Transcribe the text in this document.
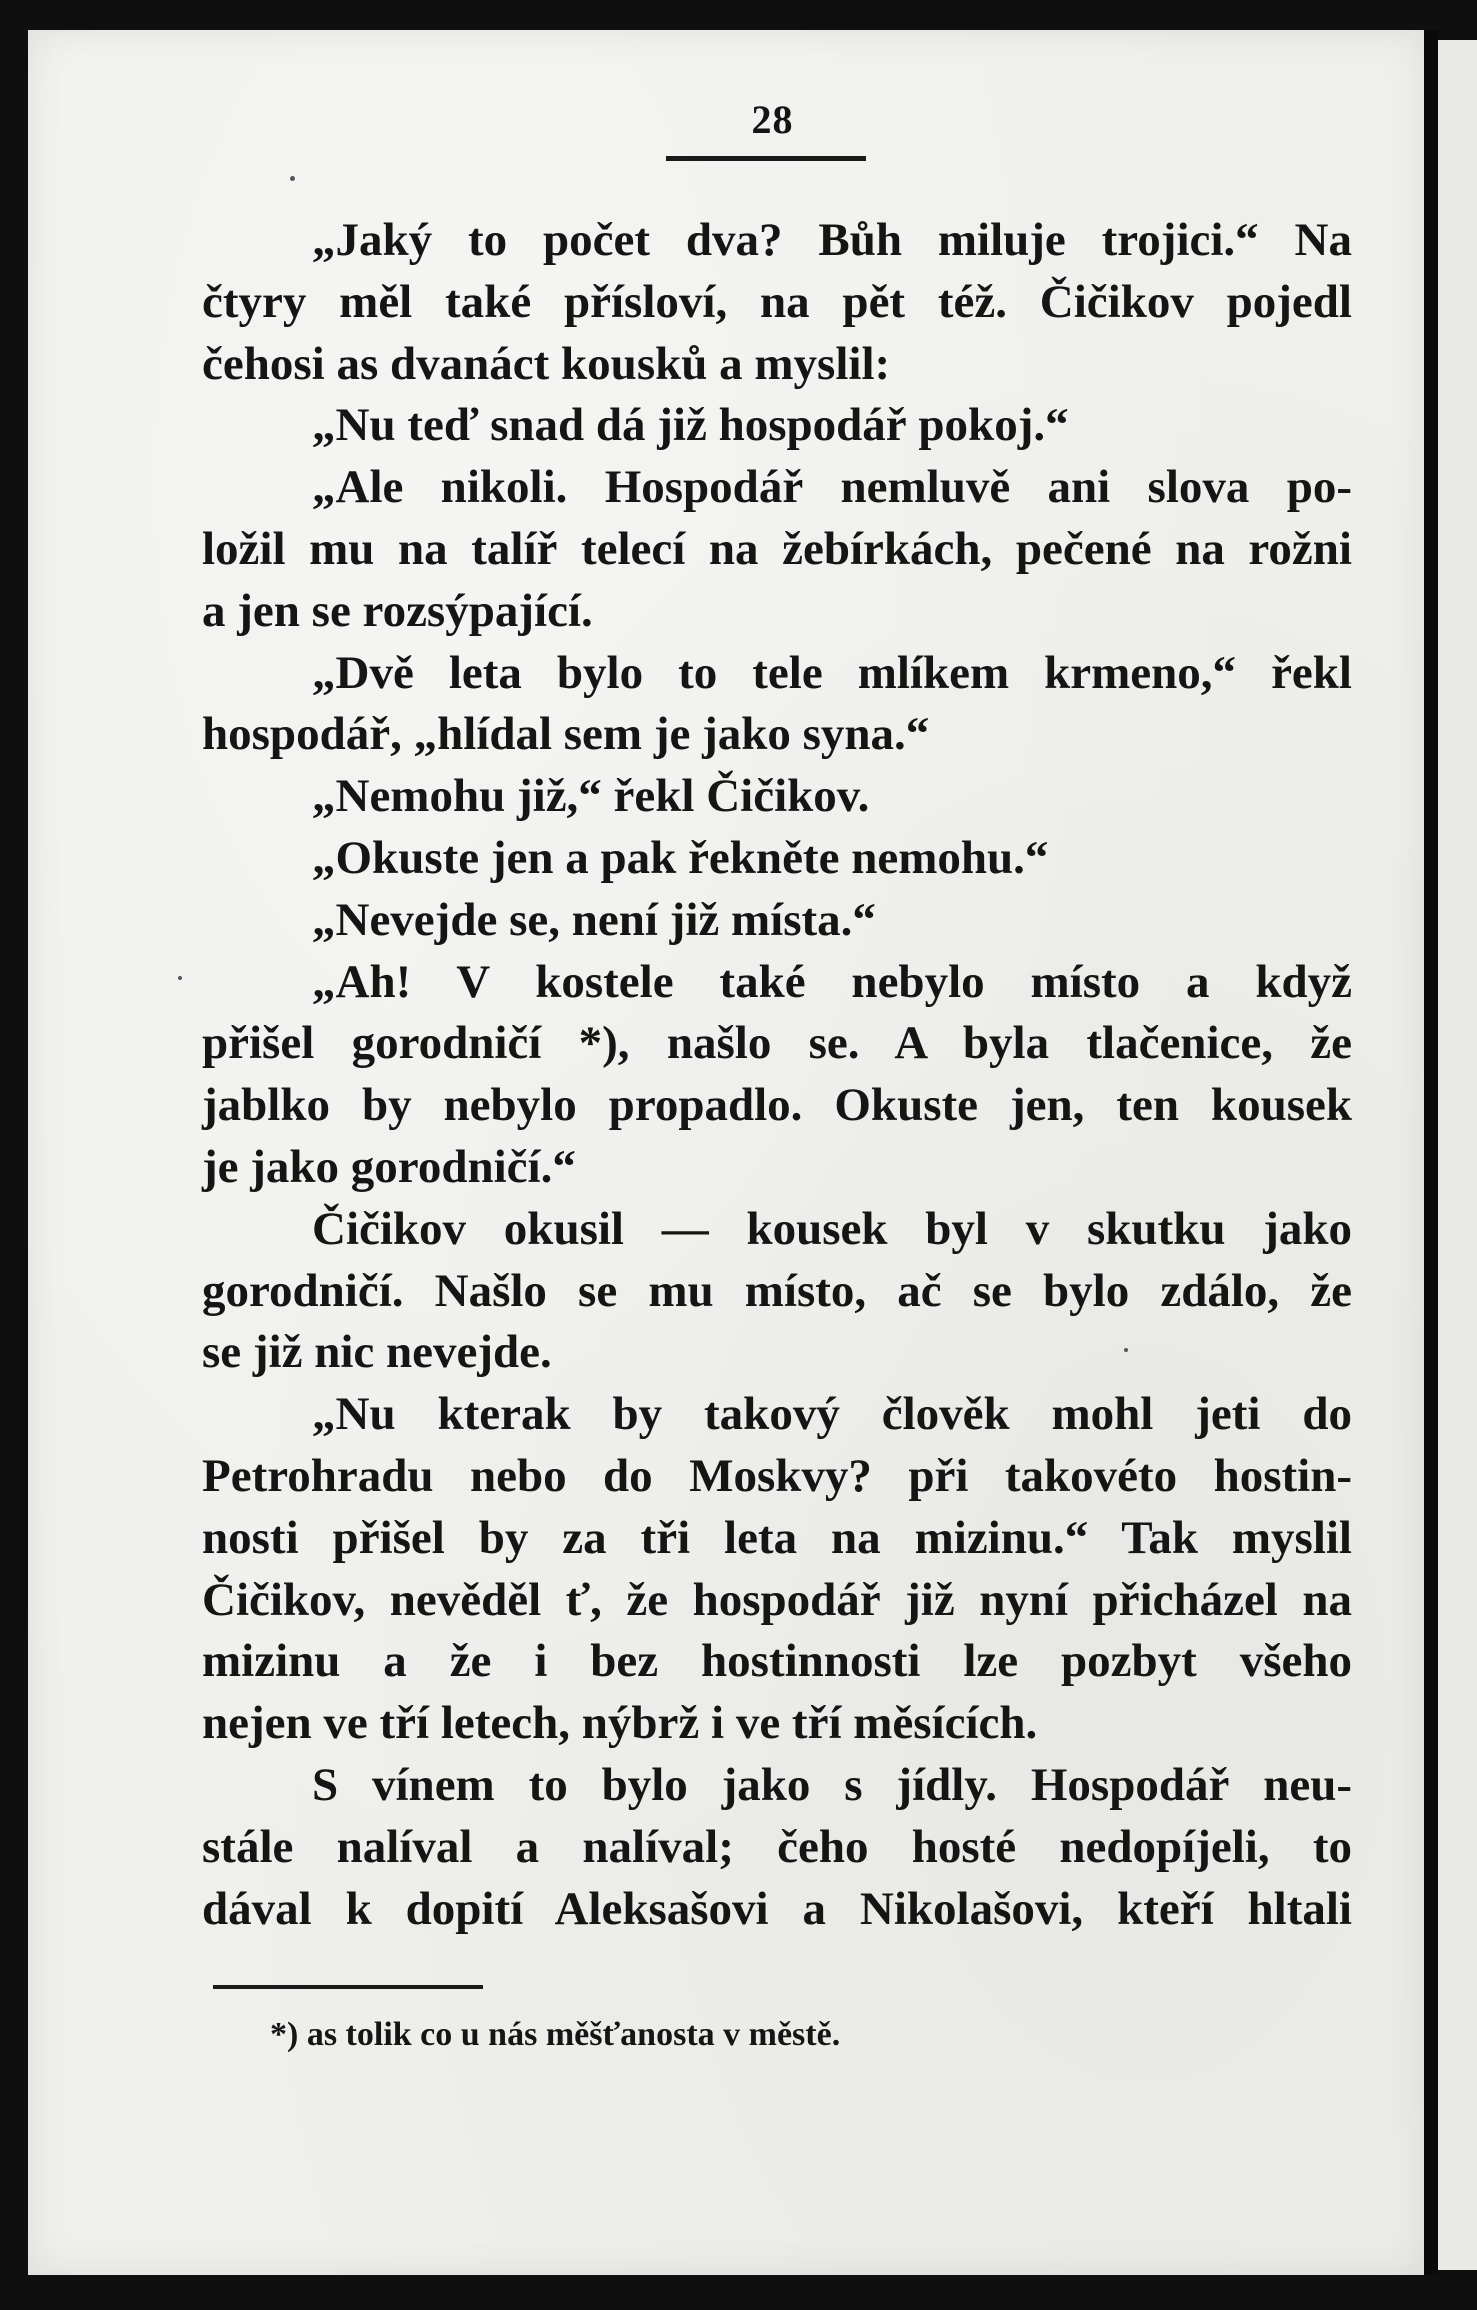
28
„Jaký to počet dva? Bůh miluje trojici.“ Na
čtyry měl také přísloví, na pět též. Čičikov pojedl
čehosi as dvanáct kousků a myslil:
„Nu teď snad dá již hospodář pokoj.“
„Ale nikoli. Hospodář nemluvě ani slova po-
ložil mu na talíř telecí na žebírkách, pečené na rožni
a jen se rozsýpající.
„Dvě leta bylo to tele mlíkem krmeno,“ řekl
hospodář, „hlídal sem je jako syna.“
„Nemohu již,“ řekl Čičikov.
„Okuste jen a pak řekněte nemohu.“
„Nevejde se, není již místa.“
„Ah! V kostele také nebylo místo a když
přišel gorodničí *), našlo se. A byla tlačenice, že
jablko by nebylo propadlo. Okuste jen, ten kousek
je jako gorodničí.“
Čičikov okusil — kousek byl v skutku jako
gorodničí. Našlo se mu místo, ač se bylo zdálo, že
se již nic nevejde.
„Nu kterak by takový člověk mohl jeti do
Petrohradu nebo do Moskvy? při takovéto hostin-
nosti přišel by za tři leta na mizinu.“ Tak myslil
Čičikov, nevěděl ť, že hospodář již nyní přicházel na
mizinu a že i bez hostinnosti lze pozbyt všeho
nejen ve tří letech, nýbrž i ve tří měsících.
S vínem to bylo jako s jídly. Hospodář neu-
stále nalíval a nalíval; čeho hosté nedopíjeli, to
dával k dopití Aleksašovi a Nikolašovi, kteří hltali
*) as tolik co u nás měšťanosta v městě.
